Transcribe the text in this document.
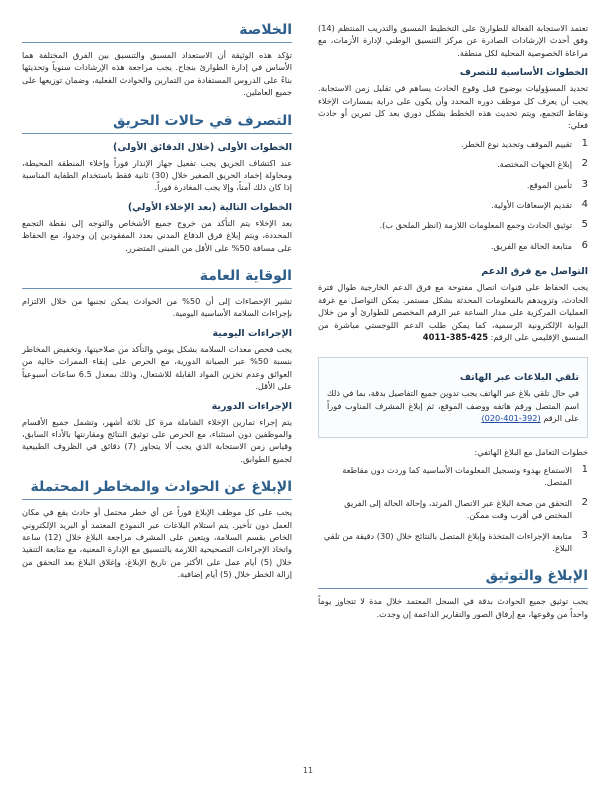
تعتمد الاستجابة الفعالة للطوارئ على التخطيط المسبق والتدريب المنتظم (14) وفق أحدث الإرشادات الصادرة عن مركز التنسيق الوطني لإدارة الأزمات، مع مراعاة الخصوصية المحلية لكل منطقة.

الخطوات الأساسية للتصرف

تحديد المسؤوليات بوضوح قبل وقوع الحادث يساهم في تقليل زمن الاستجابة. يجب أن يعرف كل موظف دوره المحدد وأن يكون على دراية بمسارات الإخلاء ونقاط التجمع، ويتم تحديث هذه الخطط بشكل دوري بعد كل تمرين أو حادث فعلي:

1
تقييم الموقف وتحديد نوع الخطر.
2
إبلاغ الجهات المختصة.
3
تأمين الموقع.
4
تقديم الإسعافات الأولية.
5
توثيق الحادث وجمع المعلومات اللازمة (انظر الملحق ب).
6
متابعة الحالة مع الفريق.
التواصل مع فرق الدعم

يجب الحفاظ على قنوات اتصال مفتوحة مع فرق الدعم الخارجية طوال فترة الحادث، وتزويدهم بالمعلومات المحدثة بشكل مستمر. يمكن التواصل مع غرفة العمليات المركزية على مدار الساعة عبر الرقم المخصص للطوارئ أو من خلال البوابة الإلكترونية الرسمية، كما يمكن طلب الدعم اللوجستي مباشرة من المنسق الإقليمي على الرقم: 425-385-4011

تلقي البلاغات عبر الهاتف

في حال تلقي بلاغ عبر الهاتف يجب تدوين جميع التفاصيل بدقة، بما في ذلك اسم المتصل ورقم هاتفه ووصف الموقع، ثم إبلاغ المشرف المناوب فوراً على الرقم (392-401-020)

خطوات التعامل مع البلاغ الهاتفي:

1
الاستماع بهدوء وتسجيل المعلومات الأساسية كما وردت دون مقاطعة المتصل.
2
التحقق من صحة البلاغ عبر الاتصال المرتد، وإحالة الحالة إلى الفريق المختص في أقرب وقت ممكن.
3
متابعة الإجراءات المتخذة وإبلاغ المتصل بالنتائج خلال (30) دقيقة من تلقي البلاغ.
الإبلاغ والتوثيق

يجب توثيق جميع الحوادث بدقة في السجل المعتمد خلال مدة لا تتجاوز يوماً واحداً من وقوعها، مع إرفاق الصور والتقارير الداعمة إن وجدت.

الخلاصة

تؤكد هذه الوثيقة أن الاستعداد المسبق والتنسيق بين الفرق المختلفة هما الأساس في إدارة الطوارئ بنجاح. يجب مراجعة هذه الإرشادات سنوياً وتحديثها بناءً على الدروس المستفادة من التمارين والحوادث الفعلية، وضمان توزيعها على جميع العاملين.

التصرف في حالات الحريق
الخطوات الأولى (خلال الدقائق الأولى)

عند اكتشاف الحريق يجب تفعيل جهاز الإنذار فوراً وإخلاء المنطقة المحيطة، ومحاولة إخماد الحريق الصغير خلال (30) ثانية فقط باستخدام الطفاية المناسبة إذا كان ذلك آمناً، وإلا يجب المغادرة فوراً.

الخطوات التالية (بعد الإخلاء الأولي)

بعد الإخلاء يتم التأكد من خروج جميع الأشخاص والتوجه إلى نقطة التجمع المحددة، ويتم إبلاغ فرق الدفاع المدني بعدد المفقودين إن وجدوا، مع الحفاظ على مسافة 50% على الأقل من المبنى المتضرر.

الوقاية العامة

تشير الإحصاءات إلى أن 50% من الحوادث يمكن تجنبها من خلال الالتزام بإجراءات السلامة الأساسية اليومية.

الإجراءات اليومية

يجب فحص معدات السلامة بشكل يومي والتأكد من صلاحيتها، وتخفيض المخاطر بنسبة 50% عبر الصيانة الدورية، مع الحرص على إبقاء الممرات خالية من العوائق وعدم تخزين المواد القابلة للاشتعال، وذلك بمعدل 6.5 ساعات أسبوعياً على الأقل.

الإجراءات الدورية

يتم إجراء تمارين الإخلاء الشاملة مرة كل ثلاثة أشهر، وتشمل جميع الأقسام والموظفين دون استثناء، مع الحرص على توثيق النتائج ومقارنتها بالأداء السابق، وقياس زمن الاستجابة الذي يجب ألا يتجاوز (7) دقائق في الظروف الطبيعية لجميع الطوابق.

الإبلاغ عن الحوادث والمخاطر المحتملة

يجب على كل موظف الإبلاغ فوراً عن أي خطر محتمل أو حادث يقع في مكان العمل دون تأخير. يتم استلام البلاغات عبر النموذج المعتمد أو البريد الإلكتروني الخاص بقسم السلامة، ويتعين على المشرف مراجعة البلاغ خلال (12) ساعة واتخاذ الإجراءات التصحيحية اللازمة بالتنسيق مع الإدارة المعنية، مع متابعة التنفيذ خلال (5) أيام عمل على الأكثر من تاريخ الإبلاغ، وإغلاق البلاغ بعد التحقق من إزالة الخطر خلال (5) أيام إضافية.

11
